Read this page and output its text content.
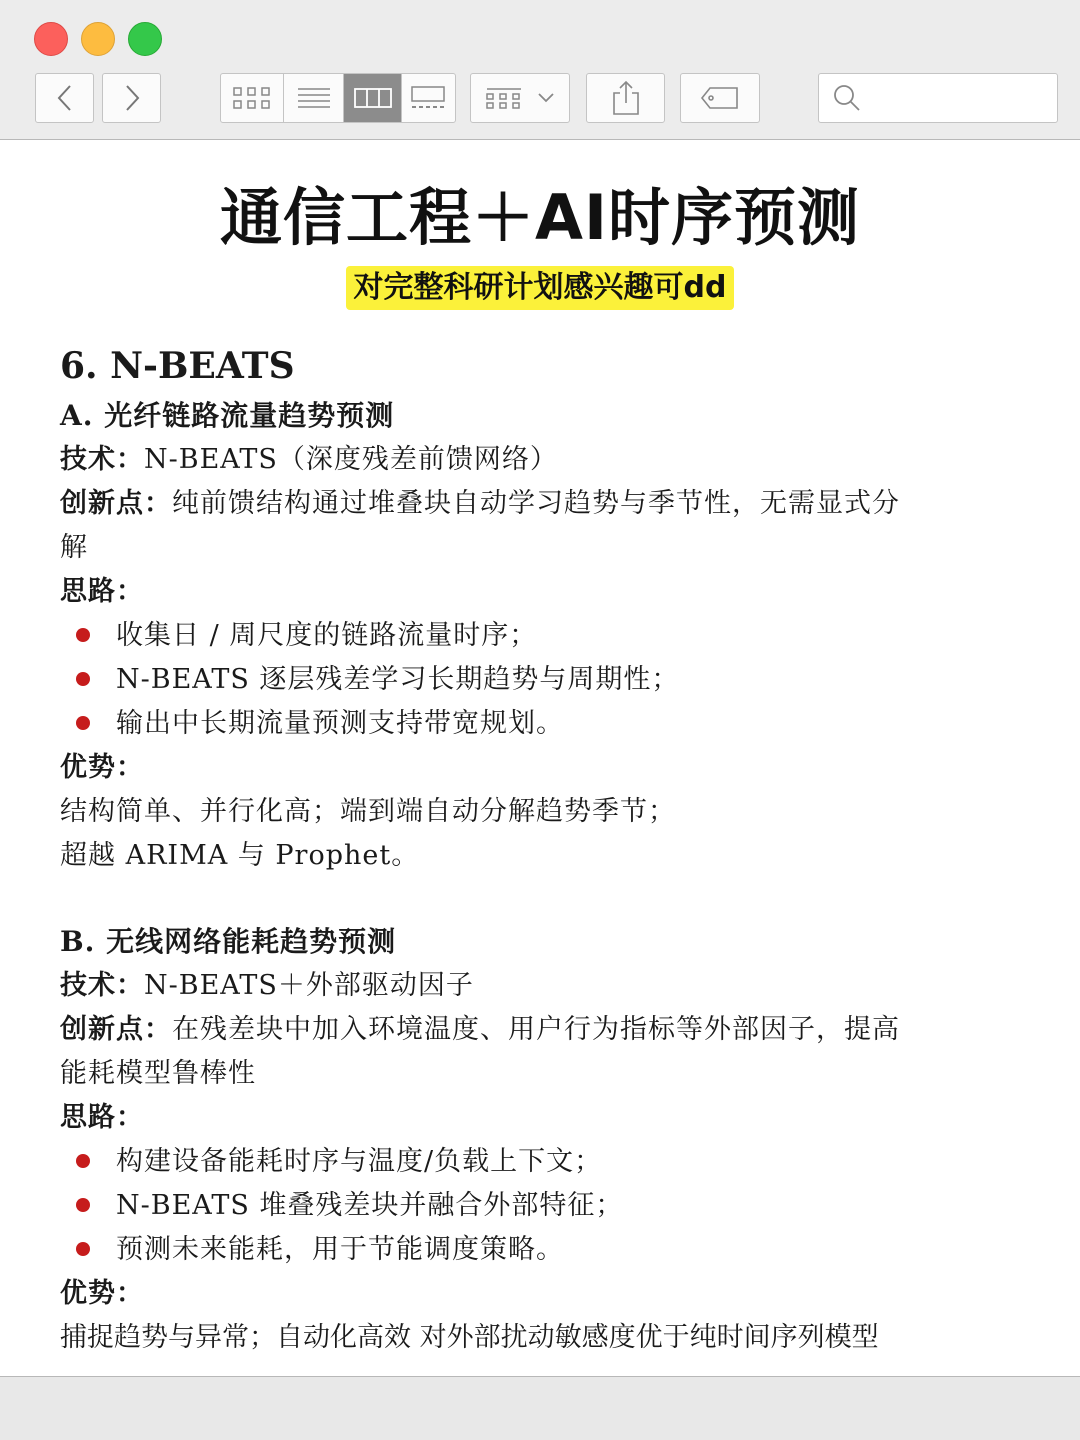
通信工程＋AI时序预测
对完整科研计划感兴趣可dd
6. N-BEATS
A. 光纤链路流量趋势预测
技术：N-BEATS（深度残差前馈网络）
创新点：纯前馈结构通过堆叠块自动学习趋势与季节性，无需显式分
解
思路：
收集日 / 周尺度的链路流量时序；
N-BEATS 逐层残差学习长期趋势与周期性；
输出中长期流量预测支持带宽规划。
优势：
结构简单、并行化高；端到端自动分解趋势季节；
超越 ARIMA 与 Prophet。
B. 无线网络能耗趋势预测
技术：N-BEATS＋外部驱动因子
创新点：在残差块中加入环境温度、用户行为指标等外部因子，提高
能耗模型鲁棒性
思路：
构建设备能耗时序与温度/负载上下文；
N-BEATS 堆叠残差块并融合外部特征；
预测未来能耗，用于节能调度策略。
优势：
捕捉趋势与异常；自动化高效 对外部扰动敏感度优于纯时间序列模型
